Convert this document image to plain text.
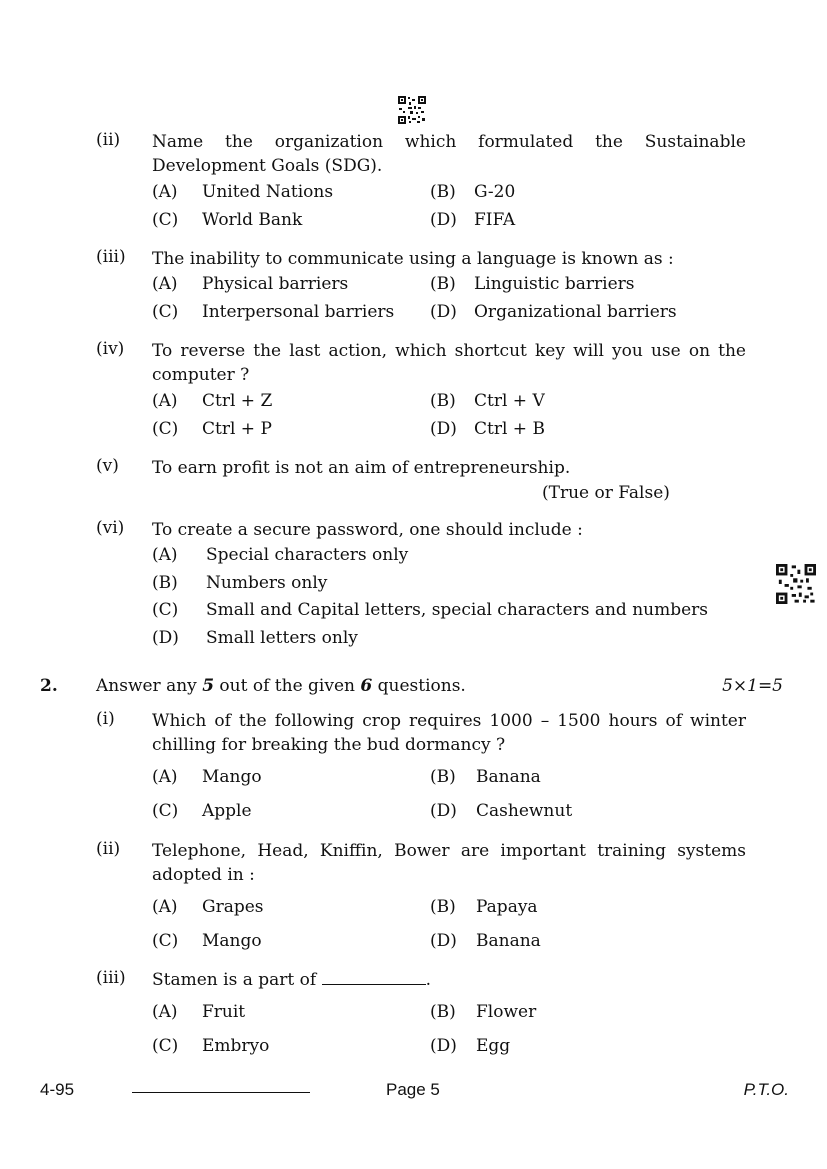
(ii) Name the organization which formulated the Sustainable
Development Goals (SDG).
(A) United Nations	(B) G-20
(C) World Bank	(D) FIFA
(iii) The inability to communicate using a language is known as :
(A) Physical barriers	(B) Linguistic barriers
(C) Interpersonal barriers (D) Organizational barriers
(iv) To reverse the last action, which shortcut key will you use on the
computer ?
(A) Ctrl + Z	(B) Ctrl + V
(C) Ctrl + P	(D) Ctrl + B
(v) To earn profit is not an aim of entrepreneurship.
(True or False)
(vi) To create a secure password, one should include :
(A) Special characters only
(B) Numbers only
(C) Small and Capital letters, special characters and numbers
(D) Small letters only
2. Answer any 5 out of the given 6 questions.	5×1=5
(i) Which of the following crop requires 1000 – 1500 hours of winter
chilling for breaking the bud dormancy ?
(A) Mango	(B) Banana
(C) Apple	(D) Cashewnut
(ii) Telephone, Head, Kniffin, Bower are important training systems
adopted in :
(A) Grapes	(B) Papaya
(C) Mango	(D) Banana
(iii) Stamen is a part of	.
(A) Fruit	(B) Flower
(C) Embryo	(D) Egg
4-95	Page 5	P.T.O.
